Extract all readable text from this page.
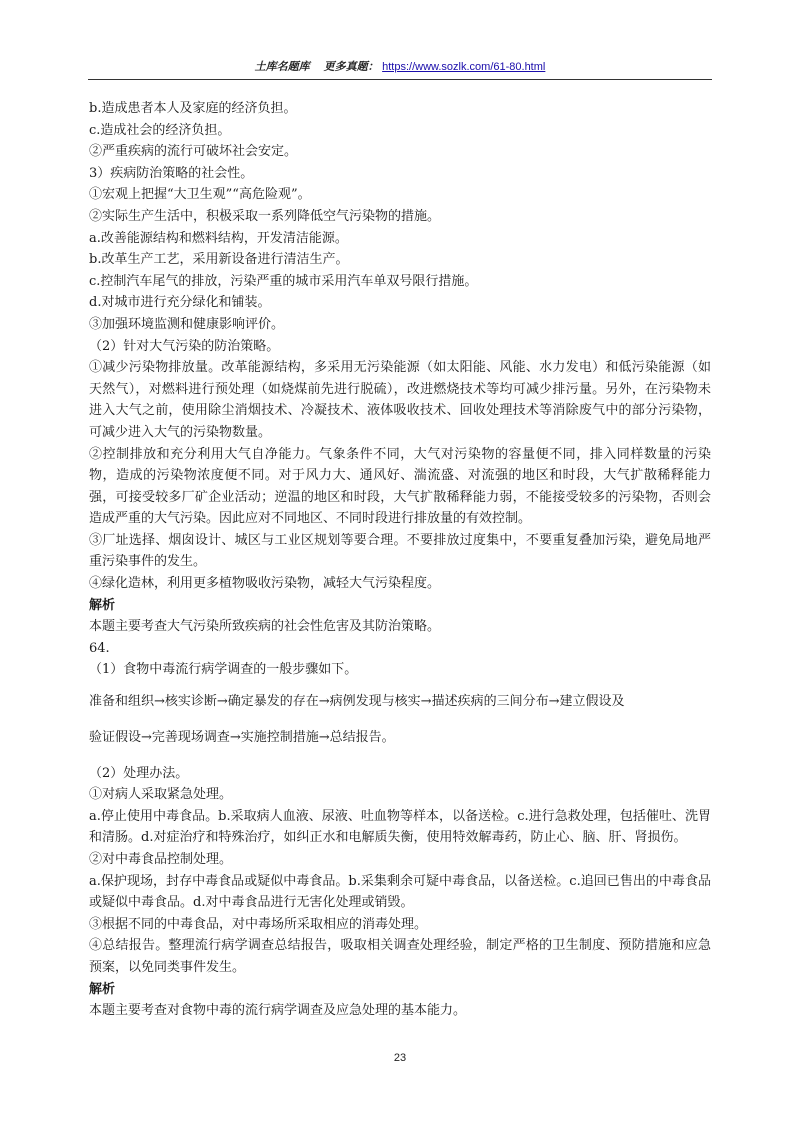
土库名题库 更多真题： https://www.sozlk.com/61-80.html

b.造成患者本人及家庭的经济负担。

c.造成社会的经济负担。

②严重疾病的流行可破坏社会安定。

3）疾病防治策略的社会性。

①宏观上把握“大卫生观”“高危险观”。

②实际生产生活中，积极采取一系列降低空气污染物的措施。

a.改善能源结构和燃料结构，开发清洁能源。

b.改革生产工艺，采用新设备进行清洁生产。

c.控制汽车尾气的排放，污染严重的城市采用汽车单双号限行措施。

d.对城市进行充分绿化和铺装。

③加强环境监测和健康影响评价。

（2）针对大气污染的防治策略。

①减少污染物排放量。改革能源结构，多采用无污染能源（如太阳能、风能、水力发电）和低污染能源（如天然气），对燃料进行预处理（如烧煤前先进行脱硫），改进燃烧技术等均可减少排污量。另外，在污染物未进入大气之前，使用除尘消烟技术、冷凝技术、液体吸收技术、回收处理技术等消除废气中的部分污染物，可减少进入大气的污染物数量。

②控制排放和充分利用大气自净能力。气象条件不同，大气对污染物的容量便不同，排入同样数量的污染物，造成的污染物浓度便不同。对于风力大、通风好、湍流盛、对流强的地区和时段，大气扩散稀释能力强，可接受较多厂矿企业活动；逆温的地区和时段，大气扩散稀释能力弱，不能接受较多的污染物，否则会造成严重的大气污染。因此应对不同地区、不同时段进行排放量的有效控制。

③厂址选择、烟囱设计、城区与工业区规划等要合理。不要排放过度集中，不要重复叠加污染，避免局地严重污染事件的发生。

④绿化造林，利用更多植物吸收污染物，减轻大气污染程度。

解析

本题主要考查大气污染所致疾病的社会性危害及其防治策略。

64.

（1）食物中毒流行病学调查的一般步骤如下。

准备和组织→核实诊断→确定暴发的存在→病例发现与核实→描述疾病的三间分布→建立假设及

验证假设→完善现场调查→实施控制措施→总结报告。

（2）处理办法。

①对病人采取紧急处理。

a.停止使用中毒食品。b.采取病人血液、尿液、吐血物等样本，以备送检。c.进行急救处理，包括催吐、洗胃和清肠。d.对症治疗和特殊治疗，如纠正水和电解质失衡，使用特效解毒药，防止心、脑、肝、肾损伤。

②对中毒食品控制处理。

a.保护现场，封存中毒食品或疑似中毒食品。b.采集剩余可疑中毒食品，以备送检。c.追回已售出的中毒食品或疑似中毒食品。d.对中毒食品进行无害化处理或销毁。

③根据不同的中毒食品，对中毒场所采取相应的消毒处理。

④总结报告。整理流行病学调查总结报告，吸取相关调查处理经验，制定严格的卫生制度、预防措施和应急预案，以免同类事件发生。

解析

本题主要考查对食物中毒的流行病学调查及应急处理的基本能力。

23
